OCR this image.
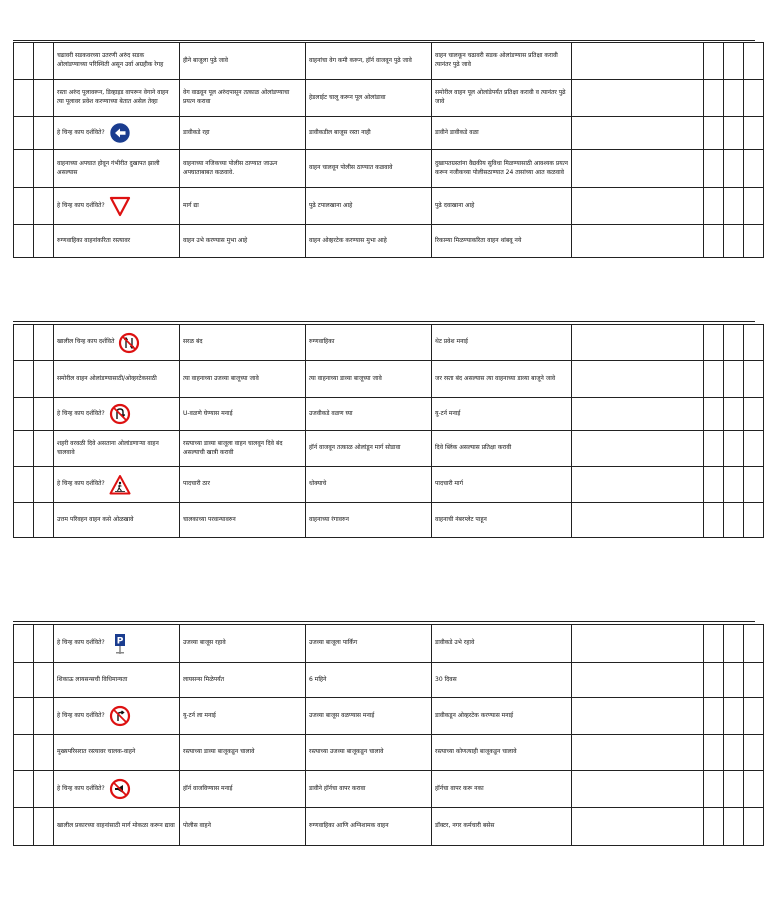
		चढावरी सडकवरच्या उतरणी अरुंद सडक ओलांडण्याच्या परिस्थिती असून उर्वा अग्रहीक रेगह	हीने बाजूला पुढे जावे	वाहनांचा वेग कमी करून, हॉर्न वाजवून पुढे जावे	वाहन चालकून चढावरी सडक ओलांडण्यास प्रतिक्षा करावी त्यानंतर पुढे जावे				

		रस्ता अरुंद पूलावरून, डिव्हाइड वापरून वेगाने वाहन त्या पूलावर प्रवेश करण्याच्या बेतात असेल तेव्हा	वेग वाढवून पूल अरुंदपासून तत्काळ ओलांडण्याचा प्रयत्न करावा	हेडलाईट चालू करून पूल ओलांडावा	समोरील वाहन पूल ओलांडेपर्यंत प्रतिक्षा करावी व त्यानंतर पुढे जावे				

		हे चिन्ह काय दर्शविते?	डावीकडे रहा	डावीकडील बाजूस रस्ता नाही	डावीने डावीकडे वळा				

		वाहनाच्या अपघात होवून गंभीरीत दुखापत झाली असल्यास	वाहनाच्या नजिकच्या पोलीस ठाण्यात जाऊन अपघाताबाबत कळवावे.	वाहन चालवून पोलीस ठाण्यात कळवावे	दुखापतग्रस्तांना वैद्यकीय सुविधा मिळण्यासाठी आवश्यक प्रयत्न करून नजीकच्या पोलीसठाण्यात 24 तासांच्या आत कळवावे				

		हे चिन्ह काय दर्शविते?	मार्ग द्या	पुढे टपालखाना आहे	पुढे दवाखाना आहे				

		रुग्णवाहिका वाहनांकरिता रस्त्यावर	वाहन उभे करण्यास मुभा आहे	वाहन ओव्हरटेक करण्यास मुभा आहे	रिकाम्या मिळण्याकरिता वाहन थांबवू नये				

		खालील चिन्ह काय दर्शविते	सरळ बंद	रुग्णवाहिका	थेट प्रवेश मनाई				

		समोरील वाहन ओलांडण्यासाठी/ओव्हरटेकसाठी	त्या वाहनाच्या उजव्या बाजूच्या जावे	त्या वाहनाच्या डाव्या बाजूच्या जावे	जर रस्ता बंद असल्यास त्या वाहनाच्या डाव्या बाजूने जावे				

		हे चिन्ह काय दर्शविते?	U-वळणे घेण्यास मनाई	उजवीकडे वळण घ्या	यु-टर्न मनाई				

		शहरी वरवळी दिवे असताना ओलांडणाऱ्या वाहन चालवावे	रस्त्याच्या डाव्या बाजूला वाहन चालवून दिवे बंद असल्याची खात्री करावी	हॉर्न वाजवून तत्काळ ओलांडून मार्ग सोडावा	दिवे ब्लिंक असल्यास प्रतिक्षा करावी				

		हे चिन्ह काय दर्शविते?	पादचारी ठार	धोक्याचे	पादचारी मार्ग				

		उत्तम परिवहन वाहन कसे ओळखावे	चालकाच्या परवान्यावरुन	वाहनाच्या रंगावरुन	वाहनाची नंबरप्लेट पाहून				

		हे चिन्ह काय दर्शविते? P	उजव्या बाजूस रहावे	उजव्या बाजूला पार्किंग	डावीकडे उभे रहावे				

		शिकाऊ लायसन्सची विधिमान्यता	लायसन्स मिळेपर्यंत	6 महिने	30 दिवस				

		हे चिन्ह काय दर्शविते?	यु-टर्न ला मनाई	उजव्या बाजूस वळण्यास मनाई	डावीकडून ओव्हरटेक करण्यास मनाई				

		मुख्यपरिसरात रस्त्यावर चालक-वाहने	रस्त्याच्या डाव्या बाजूकडून चालावे	रस्त्याच्या उजव्या बाजूकडून चालावे	रस्त्याच्या कोणत्याही बाजूकडून चालावे				

		हे चिन्ह काय दर्शविते?	हॉर्न वाजविण्यास मनाई	डावीने हॉर्नचा वापर करावा	हॉर्नचा वापर करू नका				

		खालील प्रकारच्या वाहनांसाठी मार्ग मोकळा करून द्यावा	पोलीस वाहने	रुग्णवाहिका आणि अग्निशामक वाहन	डॉक्टर, नगर कर्मचारी बसेस				
